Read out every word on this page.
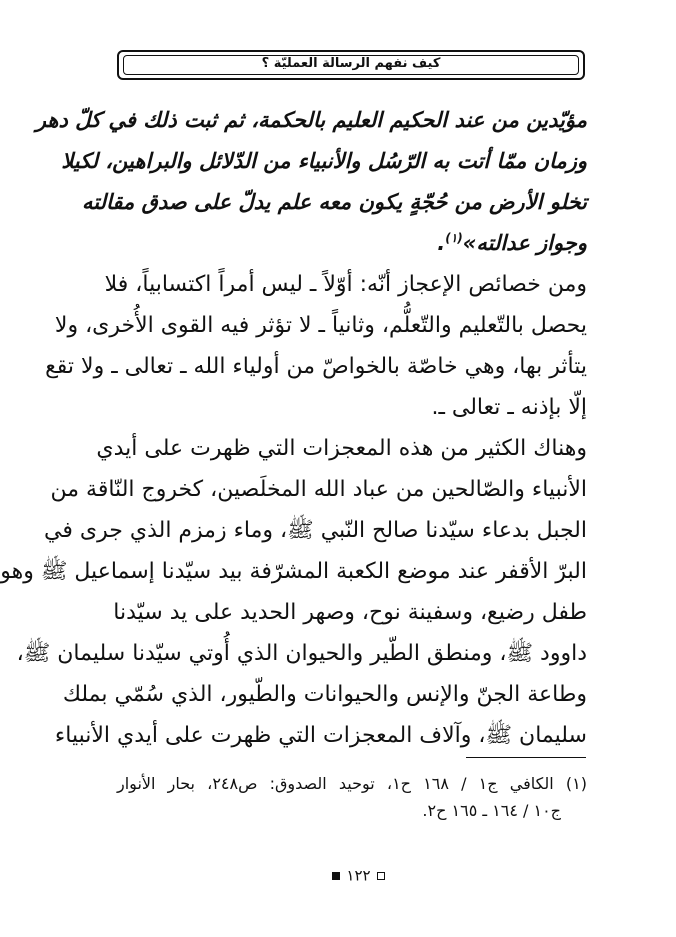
كيف نفهم الرسالة العمليّة ؟
مؤيّدين من عند الحكيم العليم بالحكمة، ثم ثبت ذلك في كلّ دهر
وزمان ممّا أتت به الرّسُل والأنبياء من الدّلائل والبراهين، لكيلا
تخلو الأرض من حُجّةٍ يكون معه علم يدلّ على صدق مقالته
وجواز عدالته»$^{(١)}$.
ومن خصائص الإعجاز أنّه: أوّلاً ـ ليس أمراً اكتسابياً، فلا
يحصل بالتّعليم والتّعلُّم، وثانياً ـ لا تؤثر فيه القوى الأُخرى، ولا
يتأثر بها، وهي خاصّة بالخواصّ من أولياء الله ـ تعالى ـ ولا تقع
إلّا بإذنه ـ تعالى ـ.
وهناك الكثير من هذه المعجزات التي ظهرت على أيدي
الأنبياء والصّالحين من عباد الله المخلَصين، كخروج النّاقة من
الجبل بدعاء سيّدنا صالح النّبي ﷺ، وماء زمزم الذي جرى في
البرّ الأقفر عند موضع الكعبة المشرّفة بيد سيّدنا إسماعيل ﷺ وهو
طفل رضيع، وسفينة نوح، وصهر الحديد على يد سيّدنا
داوود ﷺ، ومنطق الطّير والحيوان الذي أُوتي سيّدنا سليمان ﷺ،
وطاعة الجنّ والإنس والحيوانات والطّيور، الذي سُمّي بملك
سليمان ﷺ، وآلاف المعجزات التي ظهرت على أيدي الأنبياء
(١) الكافي ج١ / ١٦٨ ح١، توحيد الصدوق: ص٢٤٨، بحار الأنوار
ج١٠ / ١٦٤ ـ ١٦٥ ح٢.
١٢٢
